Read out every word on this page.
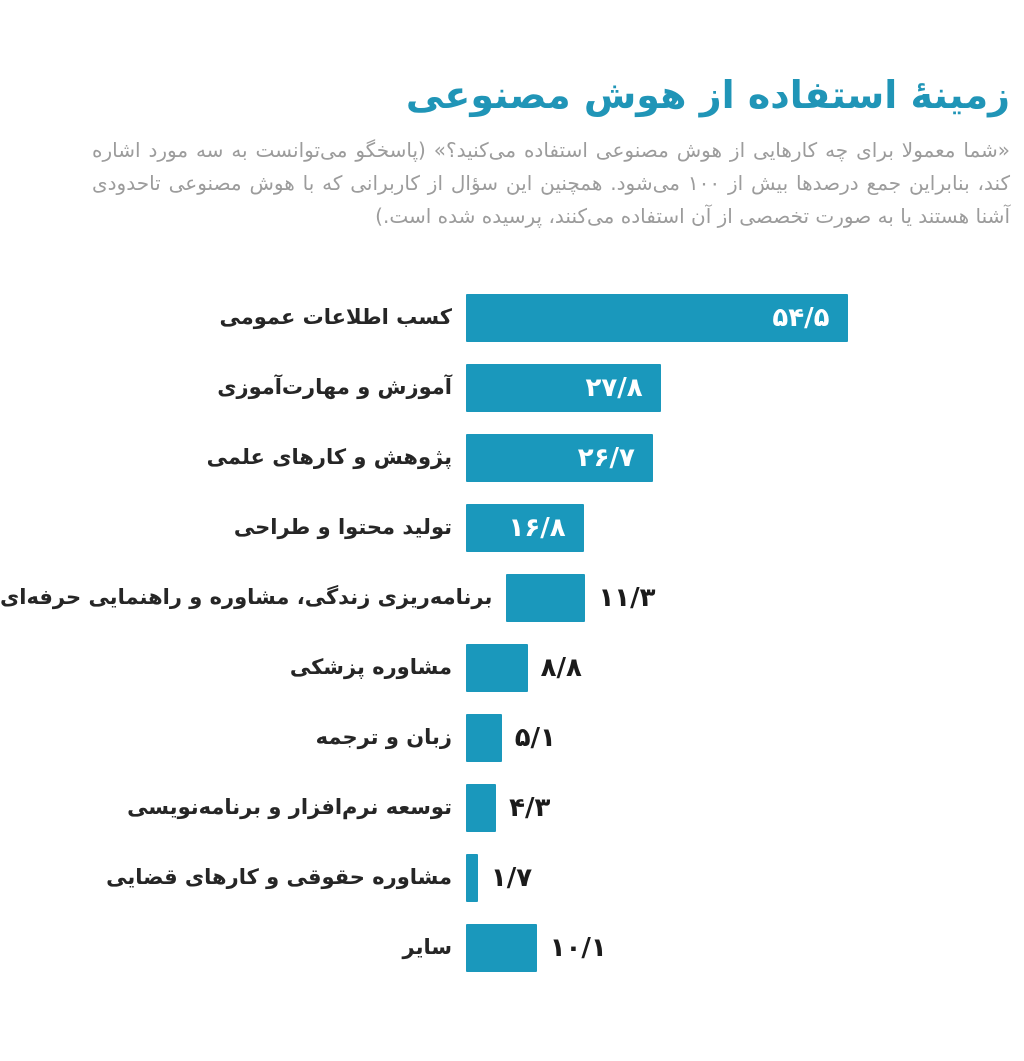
زمینهٔ استفاده از هوش مصنوعی

«شما معمولا برای چه کارهایی از هوش مصنوعی استفاده می‌کنید؟» (پاسخگو می‌توانست به سه مورد اشاره کند، بنابراین جمع درصدها بیش از ۱۰۰ می‌شود. همچنین این سؤال از کاربرانی که با هوش مصنوعی تاحدودی آشنا هستند یا به صورت تخصصی از آن استفاده می‌کنند، پرسیده شده است.)

کسب اطلاعات عمومی	۵۴/۵
آموزش و مهارت‌آموزی	۲۷/۸
پژوهش و کارهای علمی	۲۶/۷
تولید محتوا و طراحی ۱۶/۸
برنامه‌ریزی زندگی، مشاوره و راهنمایی حرفه‌ای	۱۱/۳
مشاوره پزشکی	۸/۸
زبان و ترجمه ۵/۱
توسعه نرم‌افزار و برنامه‌نویسی ۴/۳
مشاوره حقوقی و کارهای قضایی ۱/۷
سایر	۱۰/۱
